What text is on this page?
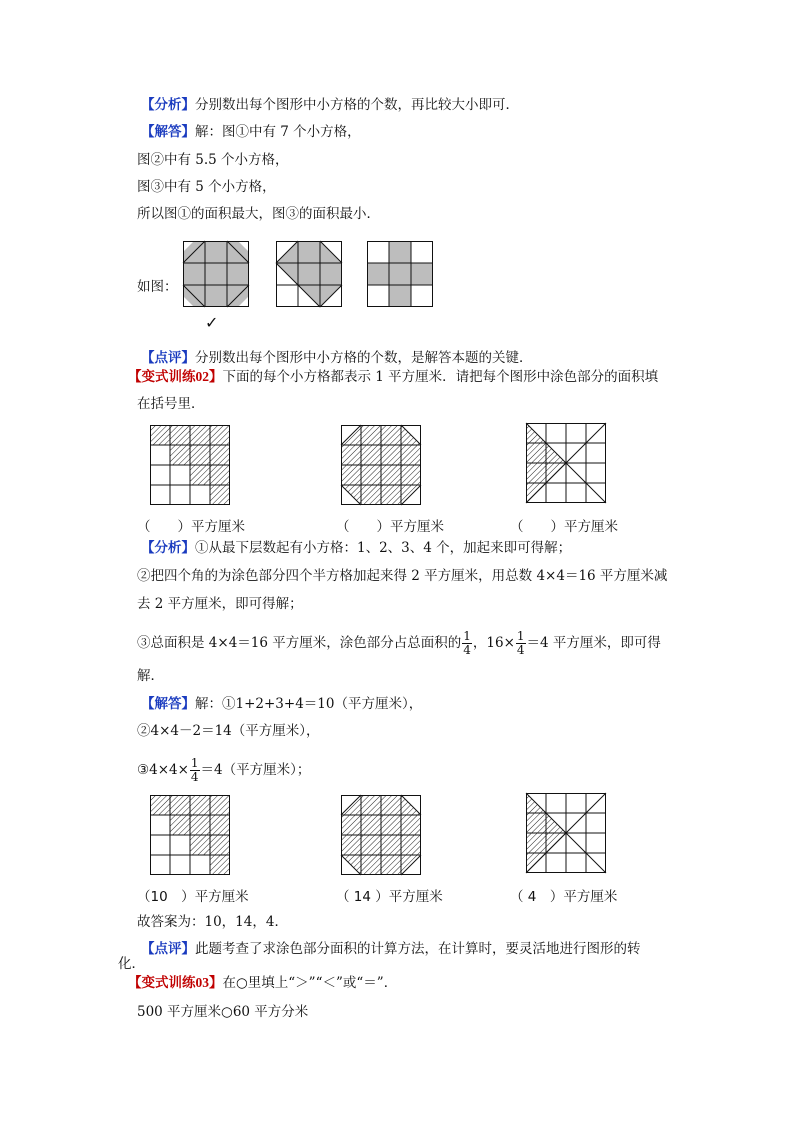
【分析】分别数出每个图形中小方格的个数，再比较大小即可．
【解答】解：图①中有 7 个小方格，
图②中有 5.5 个小方格，
图③中有 5 个小方格，
所以图①的面积最大，图③的面积最小．
如图：
✓
【点评】分别数出每个图形中小方格的个数，是解答本题的关键．
【变式训练02】下面的每个小方格都表示 1 平方厘米．请把每个图形中涂色部分的面积填
在括号里．
（　　）平方厘米	（　　）平方厘米	（　　）平方厘米
【分析】①从最下层数起有小方格：1、2、3、4 个，加起来即可得解；
②把四个角的为涂色部分四个半方格加起来得 2 平方厘米，用总数 4×4＝16 平方厘米减
去 2 平方厘米，即可得解；
③总面积是 4×4＝16 平方厘米，涂色部分占总面积的 $\frac{1}{4}$ ，$16\times \frac{1}{4} =4$ 平方厘米，即可得
解．
【解答】解：①1+2+3+4＝10（平方厘米），
②4×4－2＝14（平方厘米），
③4×4× $\frac{1}{4} =4$（平方厘米）；
（10　）平方厘米	（ 14 ）平方厘米	（ 4　）平方厘米
故答案为：10，14，4．
【点评】此题考查了求涂色部分面积的计算方法，在计算时，要灵活地进行图形的转
化．
【变式训练03】在○里填上“＞”“＜”或“＝”．
500 平方厘米○60 平方分米
